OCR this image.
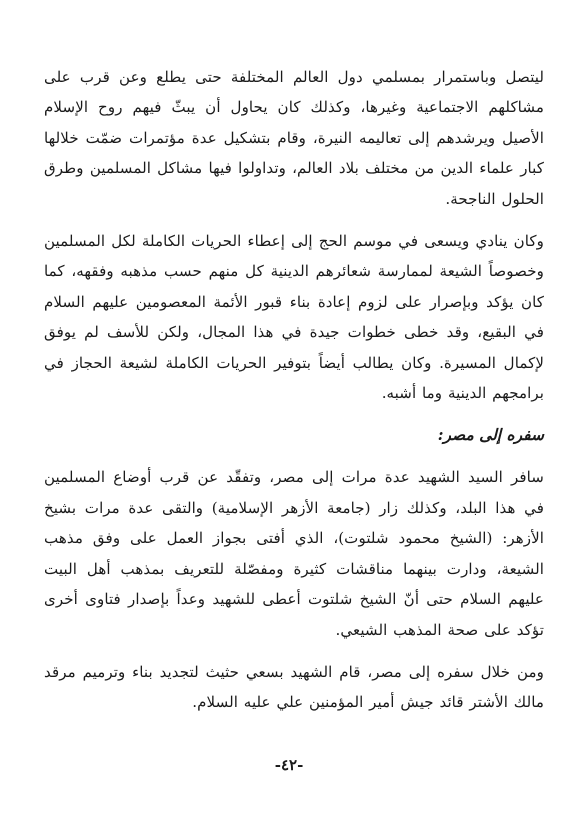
ليتصل وباستمرار بمسلمي دول العالم المختلفة حتى يطلع وعن قرب على مشاكلهم الاجتماعية وغيرها، وكذلك كان يحاول أن يبثّ فيهم روح الإسلام الأصيل ويرشدهم إلى تعاليمه النيرة، وقام بتشكيل عدة مؤتمرات ضمّت خلالها كبار علماء الدين من مختلف بلاد العالم، وتداولوا فيها مشاكل المسلمين وطرق الحلول الناجحة.

وكان ينادي ويسعى في موسم الحج إلى إعطاء الحريات الكاملة لكل المسلمين وخصوصاً الشيعة لممارسة شعائرهم الدينية كل منهم حسب مذهبه وفقهه، كما كان يؤكد وبإصرار على لزوم إعادة بناء قبور الأئمة المعصومين عليهم السلام في البقيع، وقد خطى خطوات جيدة في هذا المجال، ولكن للأسف لم يوفق لإكمال المسيرة. وكان يطالب أيضاً بتوفير الحريات الكاملة لشيعة الحجاز في برامجهم الدينية وما أشبه.

سفره إلى مصر:

سافر السيد الشهيد عدة مرات إلى مصر، وتفقّد عن قرب أوضاع المسلمين في هذا البلد، وكذلك زار (جامعة الأزهر الإسلامية) والتقى عدة مرات بشيخ الأزهر: (الشيخ محمود شلتوت)، الذي أفتى بجواز العمل على وفق مذهب الشيعة، ودارت بينهما مناقشات كثيرة ومفصّلة للتعريف بمذهب أهل البيت عليهم السلام حتى أنّ الشيخ شلتوت أعطى للشهيد وعداً بإصدار فتاوى أخرى تؤكد على صحة المذهب الشيعي.

ومن خلال سفره إلى مصر، قام الشهيد بسعي حثيث لتجديد بناء وترميم مرقد مالك الأشتر قائد جيش أمير المؤمنين علي عليه السلام.

-٤٢-
